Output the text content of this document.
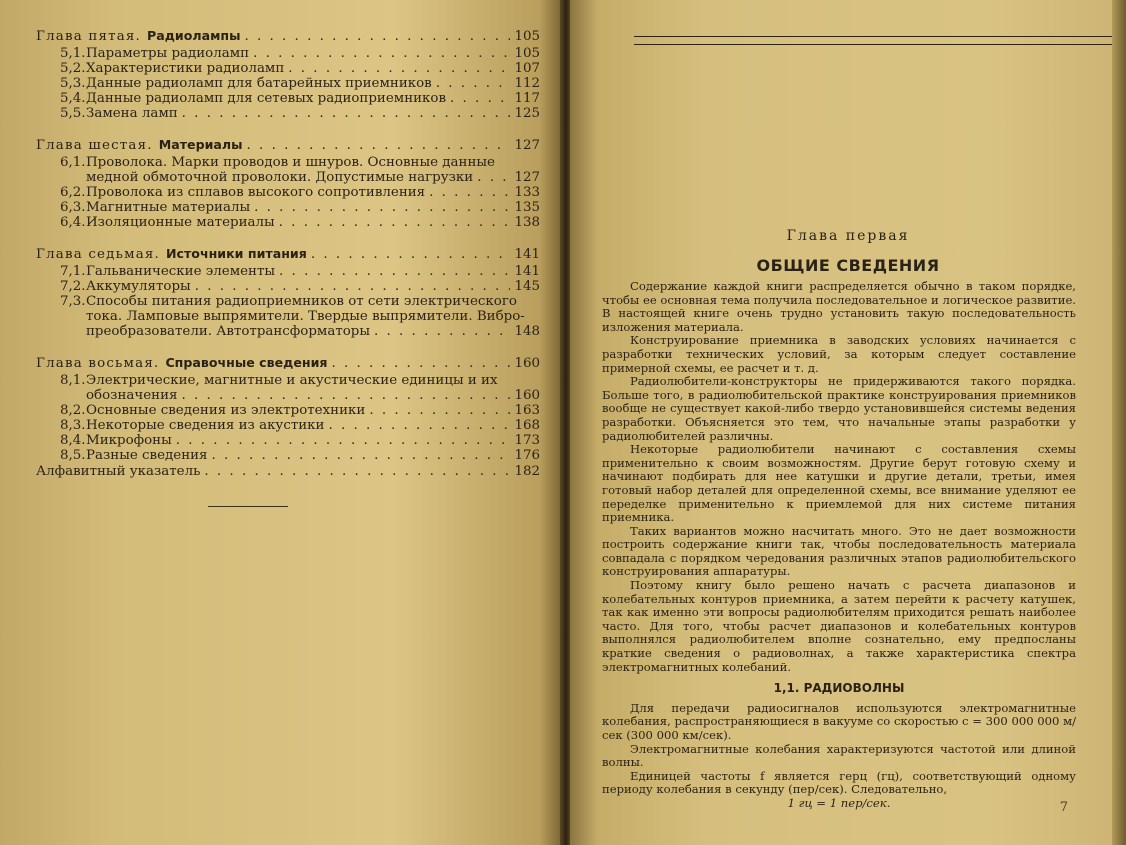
Глава пятая. Радиолампы . . .	105
5,1. Параметры радиоламп . . .	105
5,2. Характеристики радиоламп . . .	107
5,3. Данные радиоламп для батарейных приемников . . .	112
5,4. Данные радиоламп для сетевых радиоприемников . . .	117
5,5. Замена ламп . . .	125
Глава шестая. Материалы . . .	127
6,1. Проволока. Марки проводов и шнуров. Основные данные
медной обмоточной проволоки. Допустимые нагрузки . . .	127
6,2. Проволока из сплавов высокого сопротивления . . .	133
6,3. Магнитные материалы . . .	135
6,4. Изоляционные материалы . . .	138
Глава седьмая. Источники питания . . .	141
7,1. Гальванические элементы . . .	141
7,2. Аккумуляторы . . .	145
7,3. Способы питания радиоприемников от сети электрического
тока. Ламповые выпрямители. Твердые выпрямители. Вибро-
преобразователи. Автотрансформаторы . . .	148
Глава восьмая. Справочные сведения . . .	160
8,1. Электрические, магнитные и акустические единицы и их
обозначения . . .	160
8,2. Основные сведения из электротехники . . .	163
8,3. Некоторые сведения из акустики . . .	168
8,4. Микрофоны . . .	173
8,5. Разные сведения . . .	176
Алфавитный указатель . . .	182
Глава первая
ОБЩИЕ СВЕДЕНИЯ

Содержание каждой книги распределяется обычно в таком порядке, чтобы ее основная тема получила последовательное и логическое развитие. В настоящей книге очень трудно установить такую последовательность изложения материала.

Конструирование приемника в заводских условиях начинается с разработки технических условий, за которым следует составление примерной схемы, ее расчет и т. д.

Радиолюбители-конструкторы не придерживаются такого порядка. Больше того, в радиолюбительской практике конструирования приемников вообще не существует какой-либо твердо установившейся системы ведения разработки. Объясняется это тем, что начальные этапы разработки у радиолюбителей различны.

Некоторые радиолюбители начинают с составления схемы применительно к своим возможностям. Другие берут готовую схему и начинают подбирать для нее катушки и другие детали, третьи, имея готовый набор деталей для определенной схемы, все внимание уделяют ее переделке применительно к приемлемой для них системе питания приемника.

Таких вариантов можно насчитать много. Это не дает возможности построить содержание книги так, чтобы последовательность материала совпадала с порядком чередования различных этапов радиолюбительского конструирования аппаратуры.

Поэтому книгу было решено начать с расчета диапазонов и колебательных контуров приемника, а затем перейти к расчету катушек, так как именно эти вопросы радиолюбителям приходится решать наиболее часто. Для того, чтобы расчет диапазонов и колебательных контуров выполнялся радиолюбителем вполне сознательно, ему предпосланы краткие сведения о радиоволнах, а также характеристика спектра электромагнитных колебаний.

1,1. РАДИОВОЛНЫ

Для передачи радиосигналов используются электромагнитные колебания, распространяющиеся в вакууме со скоростью c = 300 000 000 м/сек (300 000 км/сек).

Электромагнитные колебания характеризуются частотой или длиной волны.

Единицей частоты f является герц (гц), соответствующий одному периоду колебания в секунду (пер/сек). Следовательно,

1 гц = 1 пер/сек.	7
